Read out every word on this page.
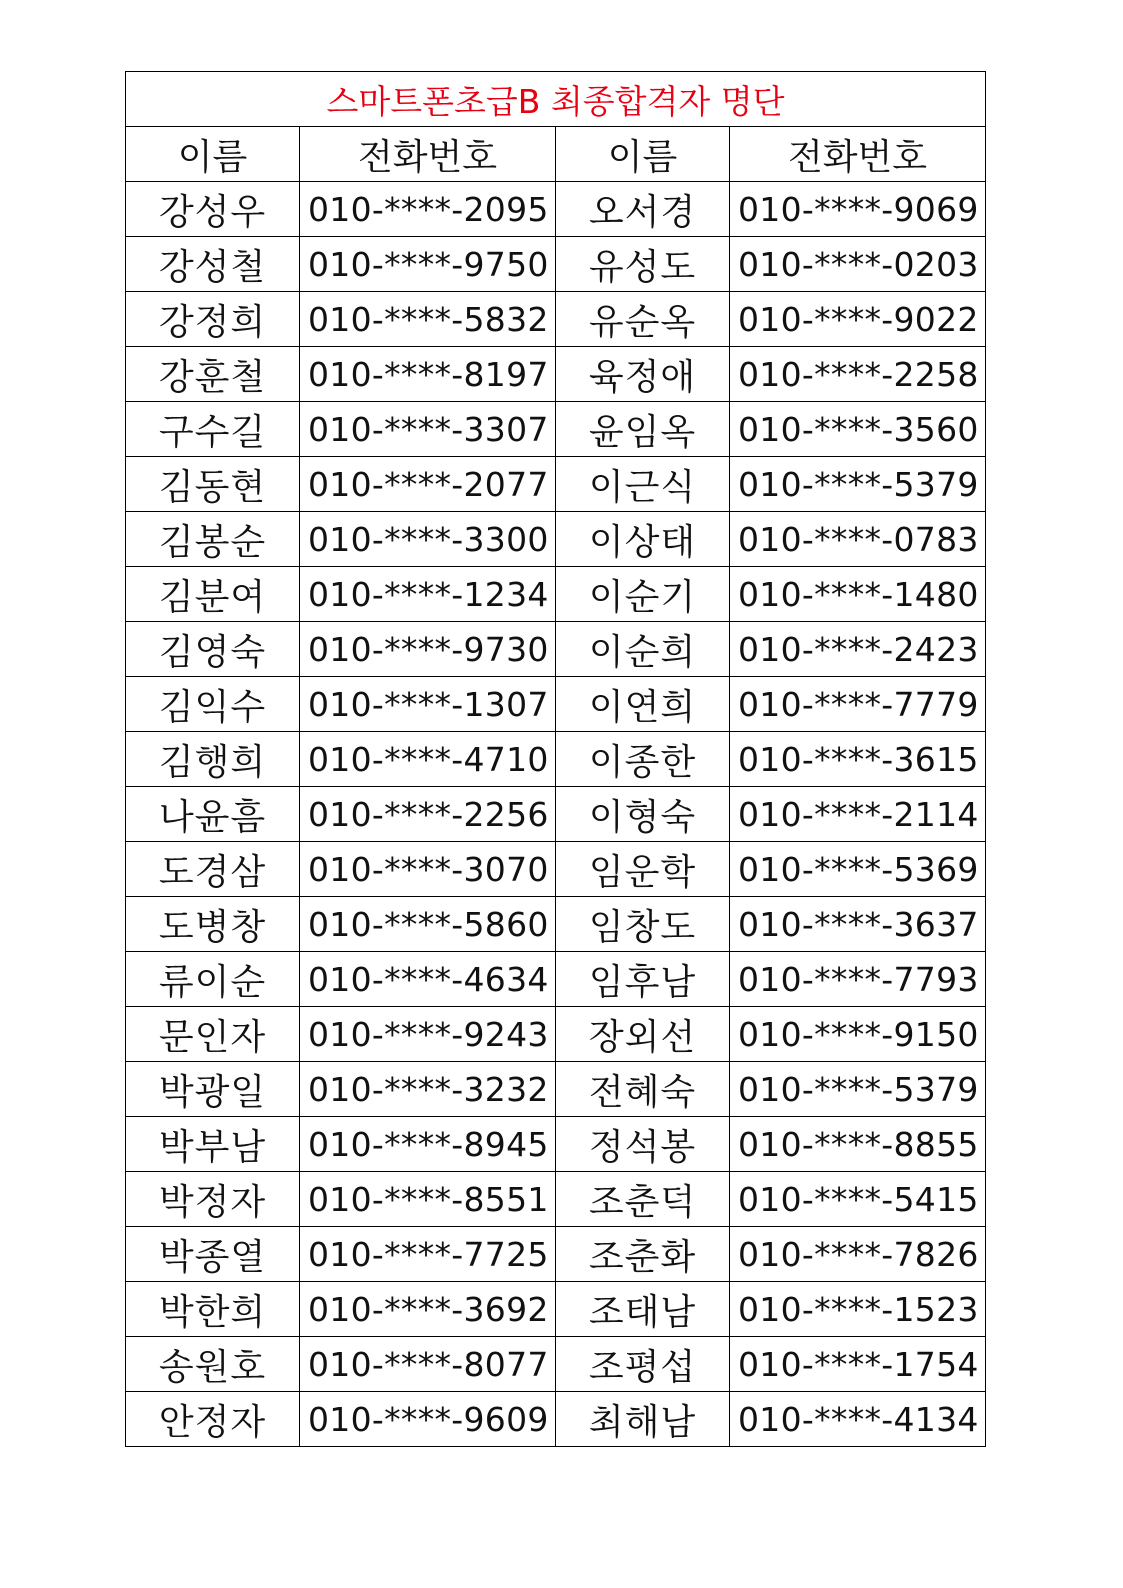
스마트폰초급B 최종합격자 명단			
이름	전화번호	이름	전화번호
강성우	010-****-2095	오서경	010-****-9069
강성철	010-****-9750	유성도	010-****-0203
강정희	010-****-5832	유순옥	010-****-9022
강훈철	010-****-8197	육정애	010-****-2258
구수길	010-****-3307	윤임옥	010-****-3560
김동현	010-****-2077	이근식	010-****-5379
김봉순	010-****-3300	이상태	010-****-0783
김분여	010-****-1234	이순기	010-****-1480
김영숙	010-****-9730	이순희	010-****-2423
김익수	010-****-1307	이연희	010-****-7779
김행희	010-****-4710	이종한	010-****-3615
나윤흠	010-****-2256	이형숙	010-****-2114
도경삼	010-****-3070	임운학	010-****-5369
도병창	010-****-5860	임창도	010-****-3637
류이순	010-****-4634	임후남	010-****-7793
문인자	010-****-9243	장외선	010-****-9150
박광일	010-****-3232	전혜숙	010-****-5379
박부남	010-****-8945	정석봉	010-****-8855
박정자	010-****-8551	조춘덕	010-****-5415
박종열	010-****-7725	조춘화	010-****-7826
박한희	010-****-3692	조태남	010-****-1523
송원호	010-****-8077	조평섭	010-****-1754
안정자	010-****-9609	최해남	010-****-4134
